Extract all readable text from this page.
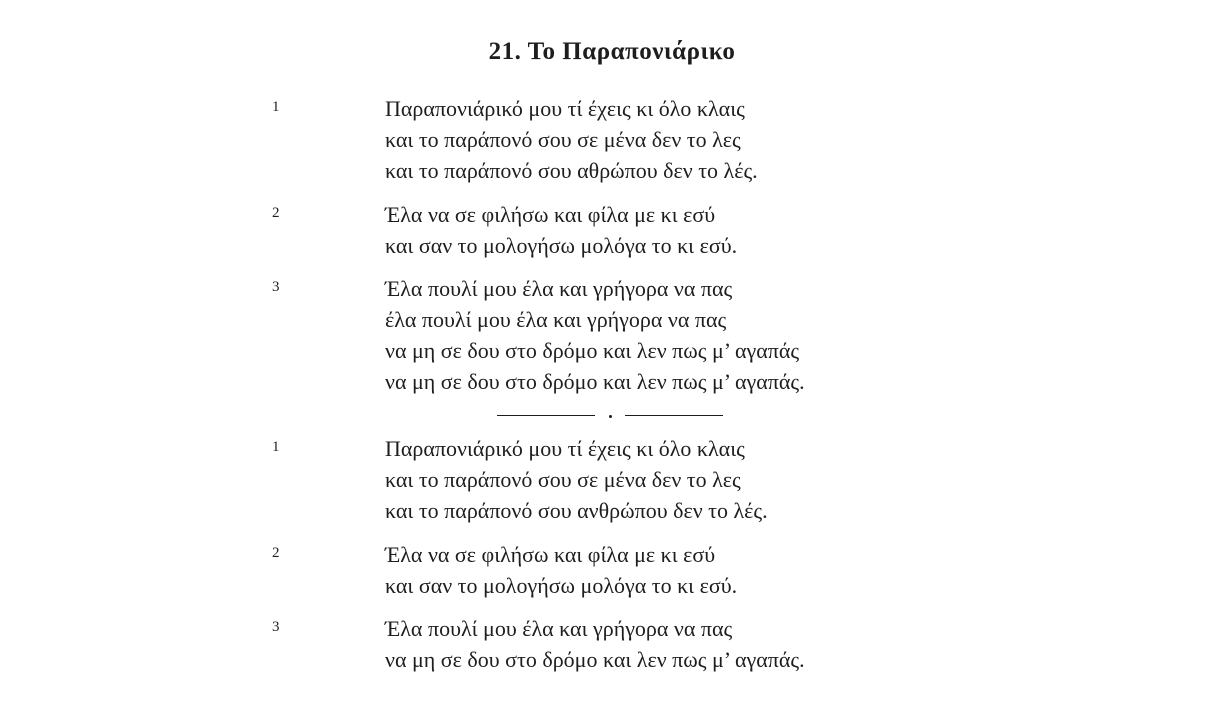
21. Το Παραπονιάρικο
1	Παραπονιάρικό μου τί έχεις κι όλο κλαις
και το παράπονό σου σε μένα δεν το λες
και το παράπονό σου αθρώπου δεν το λές.
2	Έλα να σε φιλήσω και φίλα με κι εσύ
και σαν το μολογήσω μολόγα το κι εσύ.
3	Έλα πουλί μου έλα και γρήγορα να πας
έλα πουλί μου έλα και γρήγορα να πας
να μη σε δου στο δρόμο και λεν πως μ’ αγαπάς
να μη σε δου στο δρόμο και λεν πως μ’ αγαπάς.
1	Παραπονιάρικό μου τί έχεις κι όλο κλαις
και το παράπονό σου σε μένα δεν το λες
και το παράπονό σου ανθρώπου δεν το λές.
2	Έλα να σε φιλήσω και φίλα με κι εσύ
και σαν το μολογήσω μολόγα το κι εσύ.
3	Έλα πουλί μου έλα και γρήγορα να πας
να μη σε δου στο δρόμο και λεν πως μ’ αγαπάς.
